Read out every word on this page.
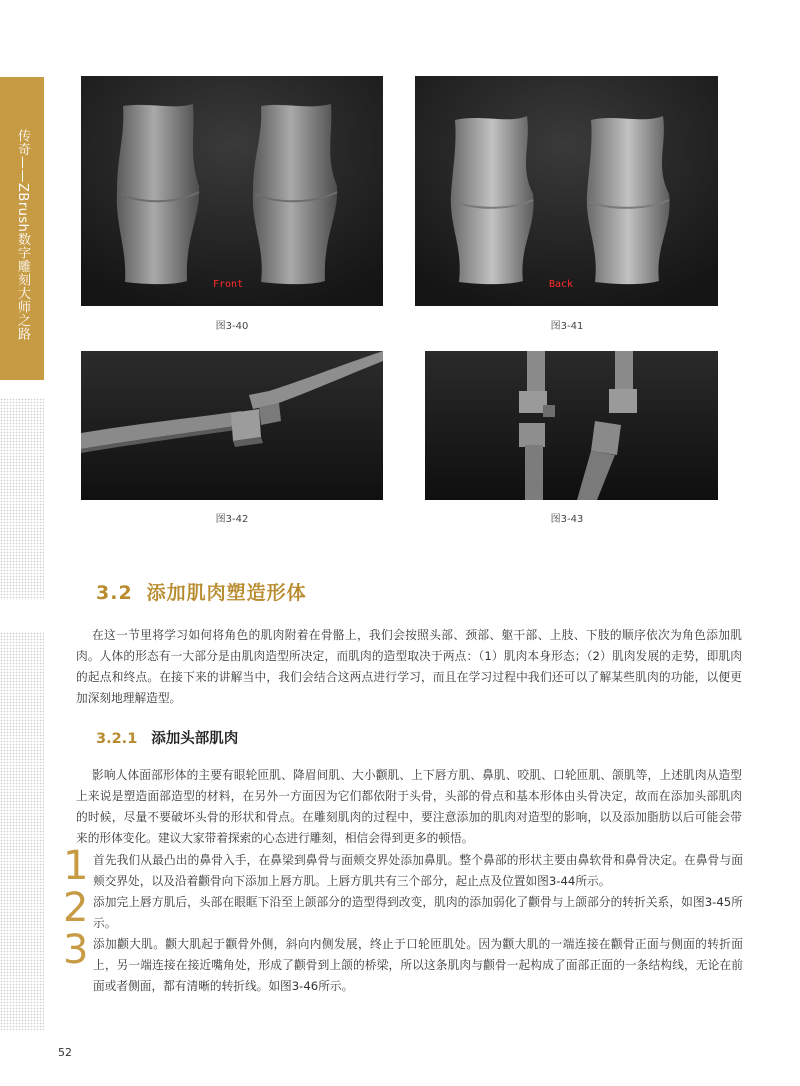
传奇——ZBrush数字雕刻大师之路	Front
图3-40
Back
图3-41
图3-42	图3-43
3.2 添加肌肉塑造形体
在这一节里将学习如何将角色的肌肉附着在骨骼上，我们会按照头部、颈部、躯干部、上肢、下肢的顺序依次为角色添加肌肉。人体的形态有一大部分是由肌肉造型所决定，而肌肉的造型取决于两点：（1）肌肉本身形态；（2）肌肉发展的走势，即肌肉的起点和终点。在接下来的讲解当中，我们会结合这两点进行学习，而且在学习过程中我们还可以了解某些肌肉的功能，以便更加深刻地理解造型。
3.2.1 添加头部肌肉
影响人体面部形体的主要有眼轮匝肌、降眉间肌、大小颧肌、上下唇方肌、鼻肌、咬肌、口轮匝肌、颌肌等，上述肌肉从造型上来说是塑造面部造型的材料，在另外一方面因为它们都依附于头骨，头部的骨点和基本形体由头骨决定，故而在添加头部肌肉的时候，尽量不要破坏头骨的形状和骨点。在雕刻肌肉的过程中，要注意添加的肌肉对造型的影响，以及添加脂肪以后可能会带来的形体变化。建议大家带着探索的心态进行雕刻，相信会得到更多的顿悟。
1 首先我们从最凸出的鼻骨入手，在鼻梁到鼻骨与面颊交界处添加鼻肌。整个鼻部的形状主要由鼻软骨和鼻骨决定。在鼻骨与面颊交界处，以及沿着颧骨向下添加上唇方肌。上唇方肌共有三个部分，起止点及位置如图3-44所示。
2 添加完上唇方肌后，头部在眼眶下沿至上颌部分的造型得到改变，肌肉的添加弱化了颧骨与上颌部分的转折关系，如图3-45所示。
3 添加颧大肌。颧大肌起于颧骨外侧，斜向内侧发展，终止于口轮匝肌处。因为颧大肌的一端连接在颧骨正面与侧面的转折面上，另一端连接在接近嘴角处，形成了颧骨到上颌的桥梁，所以这条肌肉与颧骨一起构成了面部正面的一条结构线，无论在前面或者侧面，都有清晰的转折线。如图3-46所示。
52
